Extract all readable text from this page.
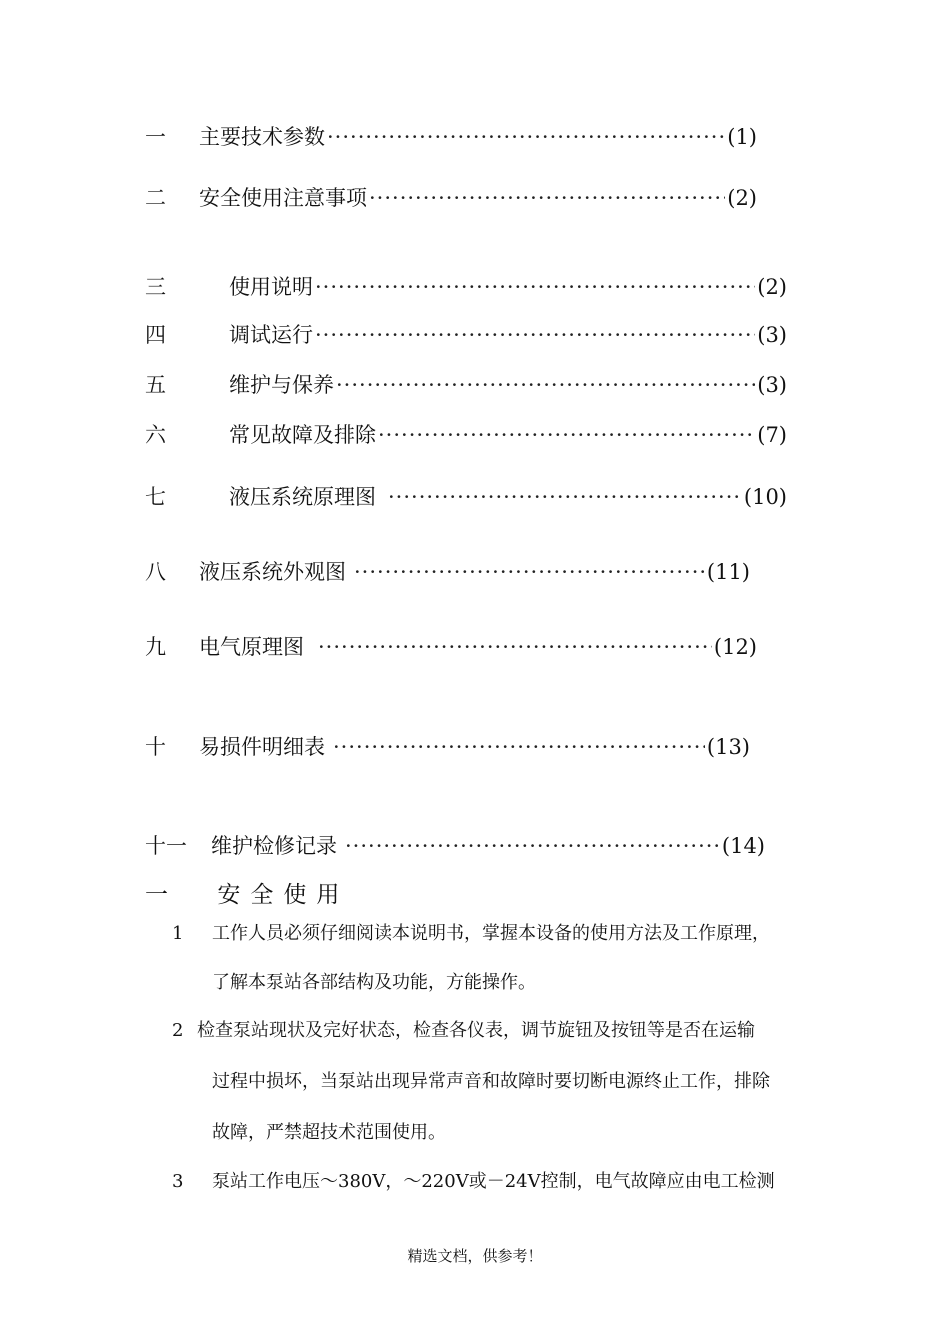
一	主要技术参数 ·····	(1)
二	安全使用注意事项 ·····	(2)
三	使用说明 ·····	(2)
四	调试运行 ·····	(3)
五	维护与保养 ·····	(3)
六	常见故障及排除 ·····	(7)
七	液压系统原理图 ·····	(10)
八	液压系统外观图 ·····	(11)
九	电气原理图 ·····	(12)
十	易损件明细表 ·····	(13)
十一	维护检修记录 ·····	(14)
一 安全使用
1 工作人员必须仔细阅读本说明书，掌握本设备的使用方法及工作原理，
了解本泵站各部结构及功能，方能操作。
2 检查泵站现状及完好状态，检查各仪表，调节旋钮及按钮等是否在运输
过程中损坏，当泵站出现异常声音和故障时要切断电源终止工作，排除
故障，严禁超技术范围使用。
3 泵站工作电压～380V，～220V或－24V控制，电气故障应由电工检测
精选文档，供参考！
